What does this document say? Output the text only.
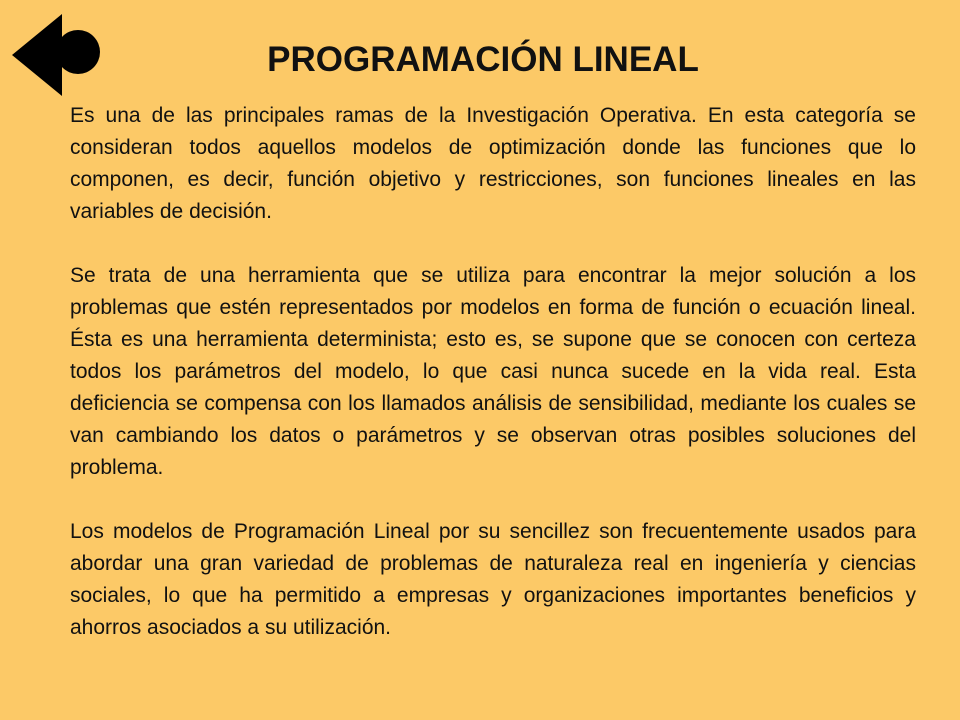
PROGRAMACIÓN LINEAL

Es una de las principales ramas de la Investigación Operativa. En esta categoría se consideran todos aquellos modelos de optimización donde las funciones que lo componen, es decir, función objetivo y restricciones, son funciones lineales en las variables de decisión.

Se trata de una herramienta que se utiliza para encontrar la mejor solución a los problemas que estén representados por modelos en forma de función o ecuación lineal. Ésta es una herramienta determinista; esto es, se supone que se conocen con certeza todos los parámetros del modelo, lo que casi nunca sucede en la vida real. Esta deficiencia se compensa con los llamados análisis de sensibilidad, mediante los cuales se van cambiando los datos o parámetros y se observan otras posibles soluciones del problema.

Los modelos de Programación Lineal por su sencillez son frecuentemente usados para abordar una gran variedad de problemas de naturaleza real en ingeniería y ciencias sociales, lo que ha permitido a empresas y organizaciones importantes beneficios y ahorros asociados a su utilización.
